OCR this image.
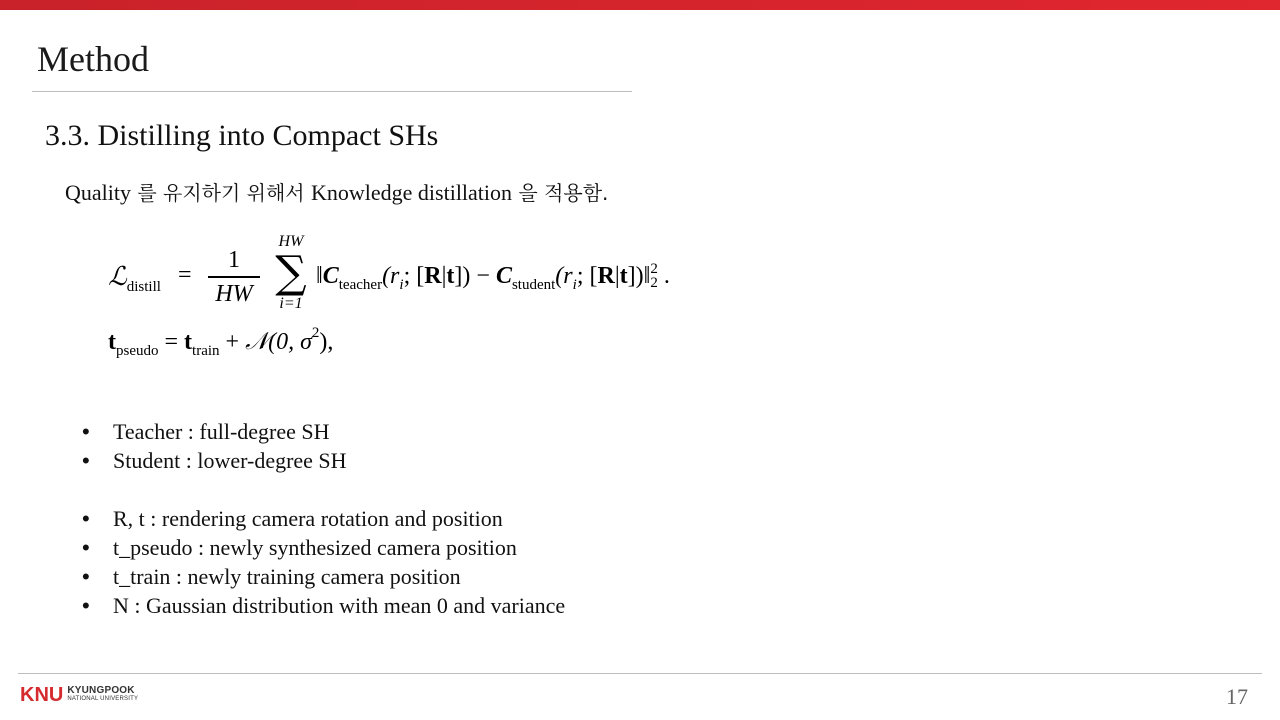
Method
3.3. Distilling into Compact SHs
Quality 를 유지하기 위해서 Knowledge distillation 을 적용함.
ℒ$_{distill}$ =
1
HW
HW
∑
i=1
$‖C_{teacher}(r_i$; $[R|t]) - C_{student}(r_i$; [R|t])‖ 2
2 .
$t_{pseudo} = t_{train}$ + 𝒩(0, $\sigma^2$),
• Teacher : full-degree SH
• Student : lower-degree SH
• R, t : rendering camera rotation and position
• t_pseudo : newly synthesized camera position
• t_train : newly training camera position
• N : Gaussian distribution with mean 0 and variance
KNU KYUNGPOOK
NATIONAL UNIVERSITY	17
